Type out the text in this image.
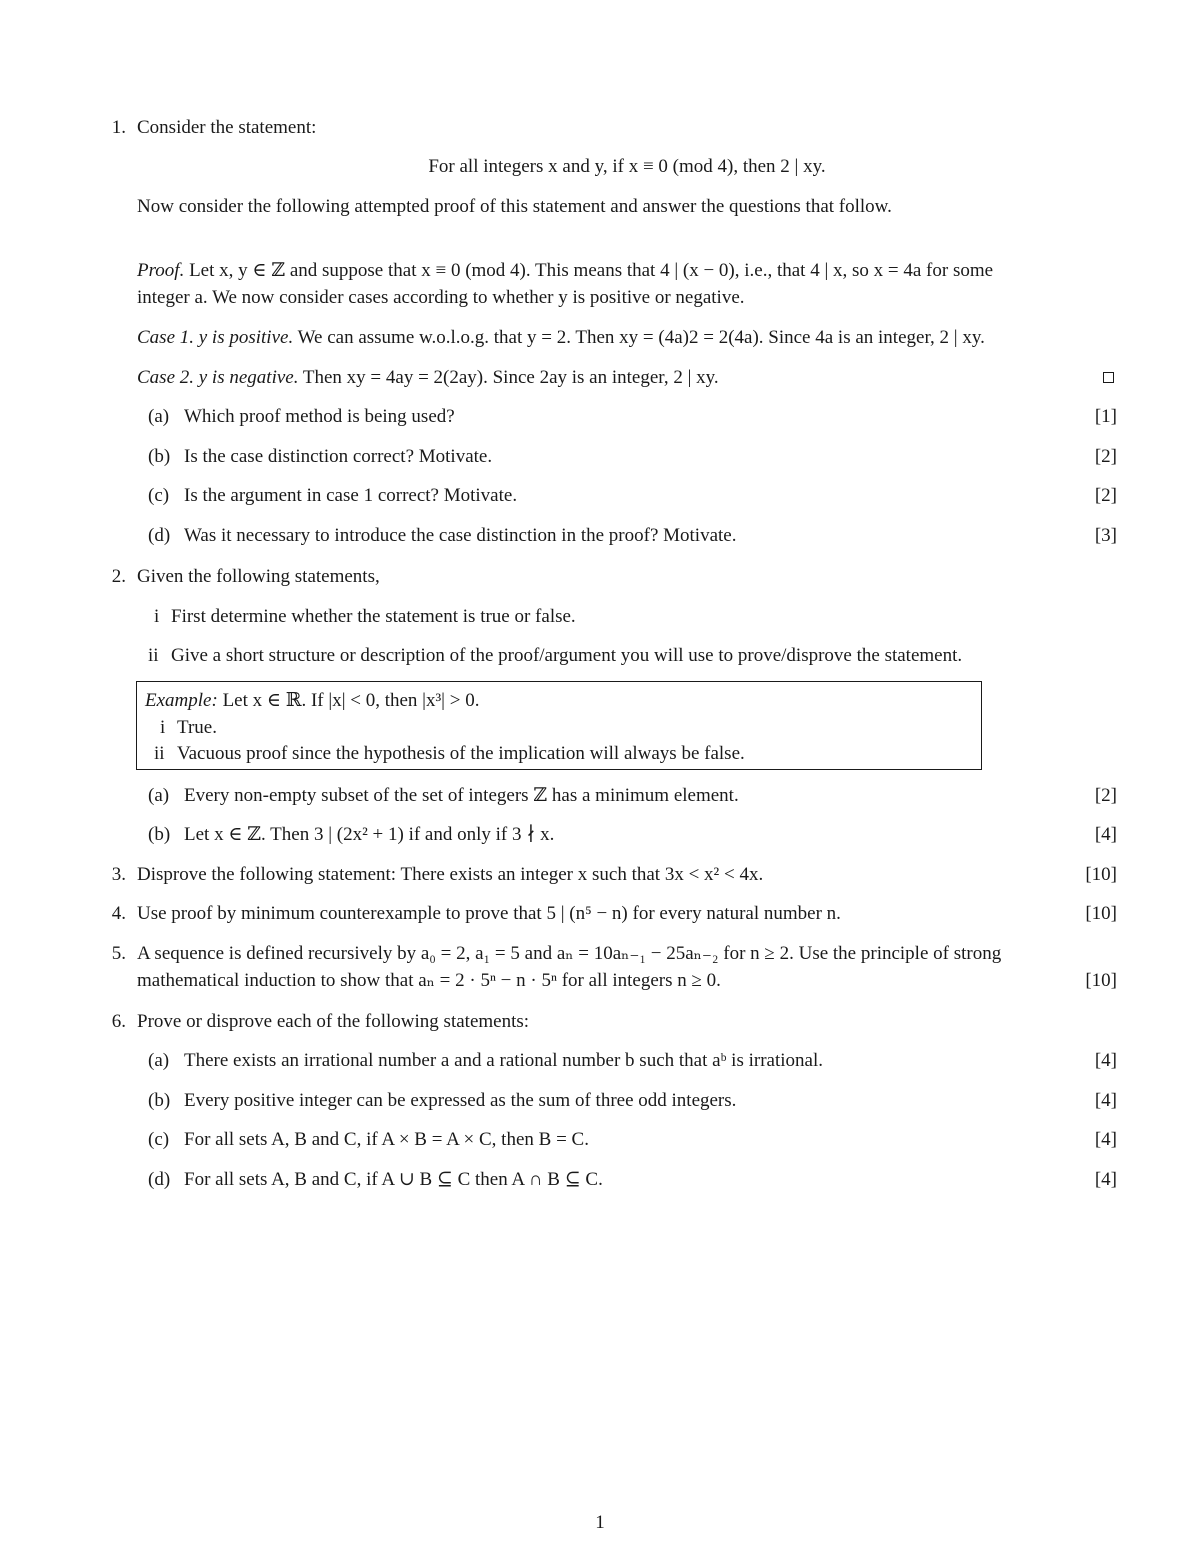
1. Consider the statement:
For all integers x and y, if x ≡ 0 (mod 4), then 2 | xy.
Now consider the following attempted proof of this statement and answer the questions that follow.
Proof. Let x, y ∈ ℤ and suppose that x ≡ 0 (mod 4). This means that 4 | (x − 0), i.e., that 4 | x, so x = 4a for some
integer a. We now consider cases according to whether y is positive or negative.
Case 1. y is positive. We can assume w.o.l.o.g. that y = 2. Then xy = (4a)2 = 2(4a). Since 4a is an integer, 2 | xy.
Case 2. y is negative. Then xy = 4ay = 2(2ay). Since 2ay is an integer, 2 | xy.
(a) Which proof method is being used?	[1]
(b) Is the case distinction correct? Motivate.	[2]
(c) Is the argument in case 1 correct? Motivate.	[2]
(d) Was it necessary to introduce the case distinction in the proof? Motivate.	[3]
2. Given the following statements,
i First determine whether the statement is true or false.
ii Give a short structure or description of the proof/argument you will use to prove/disprove the statement.
Example: Let x ∈ ℝ. If |x| < 0, then |x³| > 0.
i True.
ii Vacuous proof since the hypothesis of the implication will always be false.
(a) Every non-empty subset of the set of integers ℤ has a minimum element.	[2]
(b) Let x ∈ ℤ. Then 3 | (2x² + 1) if and only if 3 ∤ x.	[4]
3. Disprove the following statement: There exists an integer x such that 3x < x² < 4x.	[10]
4. Use proof by minimum counterexample to prove that 5 | (n⁵ − n) for every natural number n.	[10]
5. A sequence is defined recursively by a₀ = 2, a₁ = 5 and aₙ = 10aₙ₋₁ − 25aₙ₋₂ for n ≥ 2. Use the principle of strong
mathematical induction to show that aₙ = 2 · 5ⁿ − n · 5ⁿ for all integers n ≥ 0.	[10]
6. Prove or disprove each of the following statements:
(a) There exists an irrational number a and a rational number b such that aᵇ is irrational.	[4]
(b) Every positive integer can be expressed as the sum of three odd integers.	[4]
(c) For all sets A, B and C, if A × B = A × C, then B = C.	[4]
(d) For all sets A, B and C, if A ∪ B ⊆ C then A ∩ B ⊆ C.	[4]
1
